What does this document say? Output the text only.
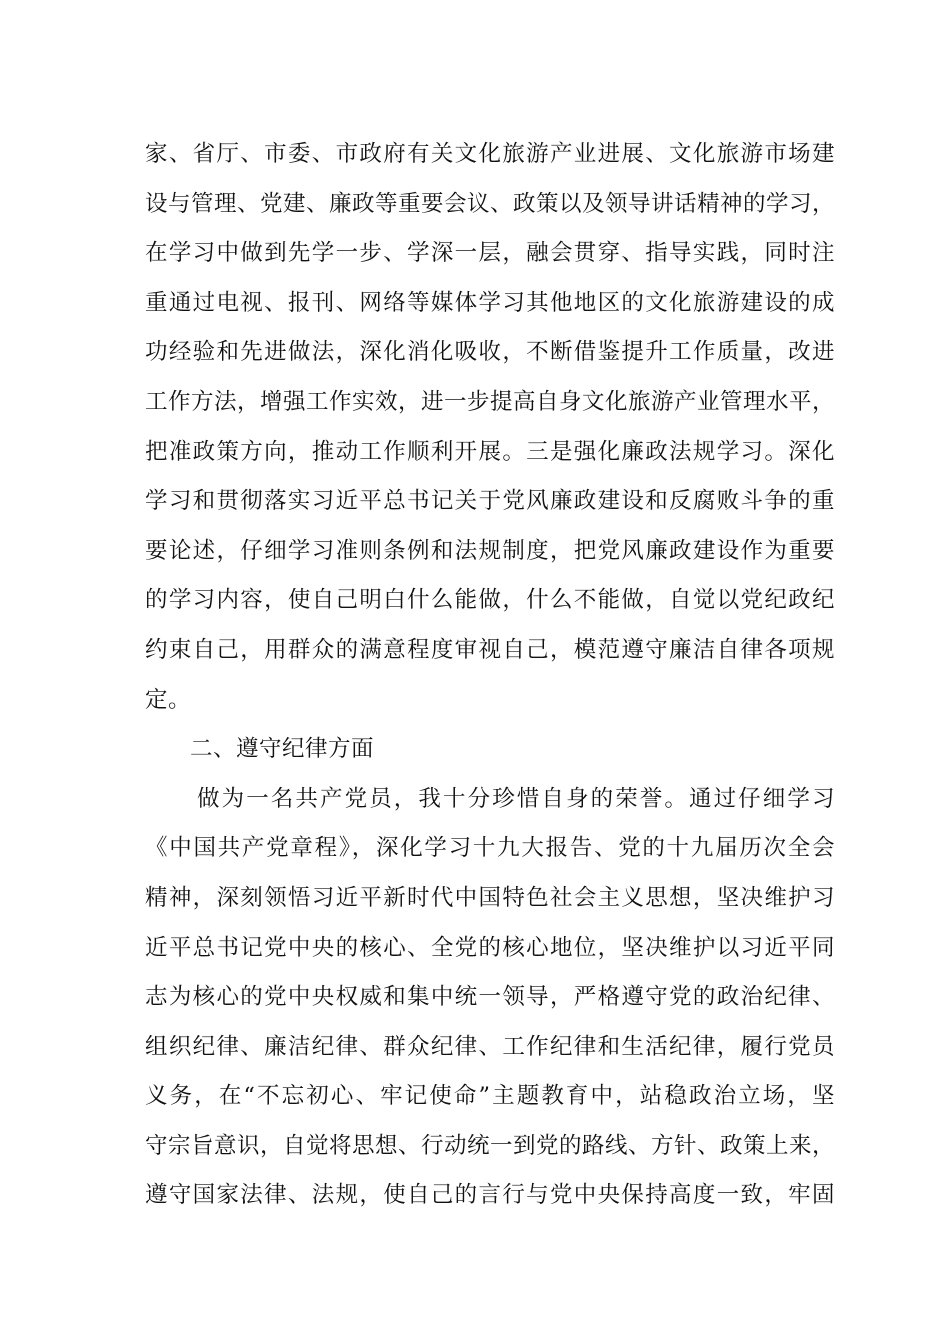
家、省厅、市委、市政府有关文化旅游产业进展、文化旅游市场建
设与管理、党建、廉政等重要会议、政策以及领导讲话精神的学习，
在学习中做到先学一步、学深一层，融会贯穿、指导实践，同时注
重通过电视、报刊、网络等媒体学习其他地区的文化旅游建设的成
功经验和先进做法，深化消化吸收，不断借鉴提升工作质量，改进
工作方法，增强工作实效，进一步提高自身文化旅游产业管理水平，
把准政策方向，推动工作顺利开展。三是强化廉政法规学习。深化
学习和贯彻落实习近平总书记关于党风廉政建设和反腐败斗争的重
要论述，仔细学习准则条例和法规制度，把党风廉政建设作为重要
的学习内容，使自己明白什么能做，什么不能做，自觉以党纪政纪
约束自己，用群众的满意程度审视自己，模范遵守廉洁自律各项规
定。
二、遵守纪律方面
做为一名共产党员，我十分珍惜自身的荣誉。通过仔细学习
《中国共产党章程》，深化学习十九大报告、党的十九届历次全会
精神，深刻领悟习近平新时代中国特色社会主义思想，坚决维护习
近平总书记党中央的核心、全党的核心地位，坚决维护以习近平同
志为核心的党中央权威和集中统一领导，严格遵守党的政治纪律、
组织纪律、廉洁纪律、群众纪律、工作纪律和生活纪律，履行党员
义务，在“不忘初心、牢记使命”主题教育中，站稳政治立场，坚
守宗旨意识，自觉将思想、行动统一到党的路线、方针、政策上来，
遵守国家法律、法规，使自己的言行与党中央保持高度一致，牢固
